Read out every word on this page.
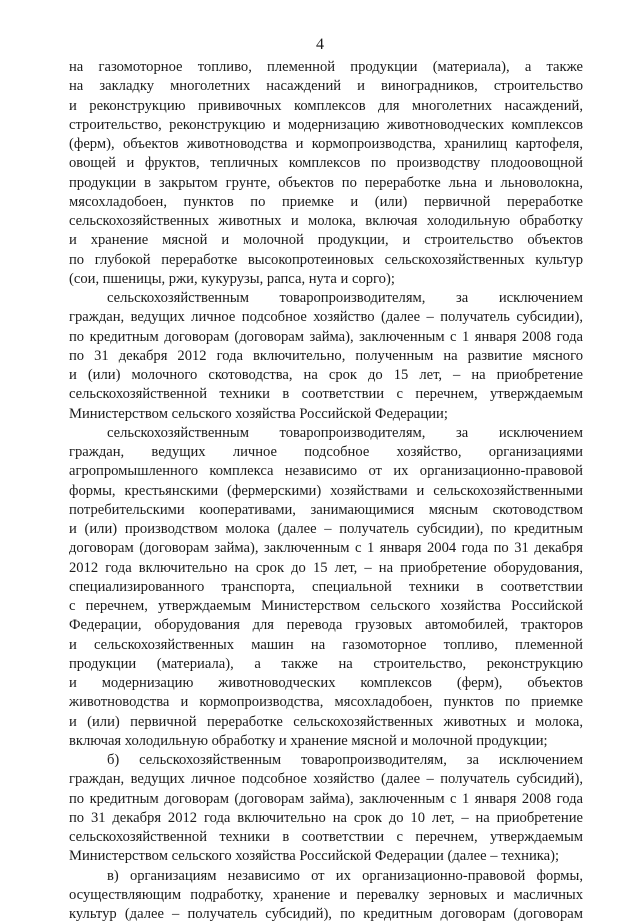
4
на газомоторное топливо, племенной продукции (материала), а также
на закладку многолетних насаждений и виноградников, строительство
и реконструкцию прививочных комплексов для многолетних насаждений,
строительство, реконструкцию и модернизацию животноводческих комплексов
(ферм), объектов животноводства и кормопроизводства, хранилищ картофеля,
овощей и фруктов, тепличных комплексов по производству плодоовощной
продукции в закрытом грунте, объектов по переработке льна и льноволокна,
мясохладобоен, пунктов по приемке и (или) первичной переработке
сельскохозяйственных животных и молока, включая холодильную обработку
и хранение мясной и молочной продукции, и строительство объектов
по глубокой переработке высокопротеиновых сельскохозяйственных культур
(сои, пшеницы, ржи, кукурузы, рапса, нута и сорго);
сельскохозяйственным товаропроизводителям, за исключением
граждан, ведущих личное подсобное хозяйство (далее – получатель субсидии),
по кредитным договорам (договорам займа), заключенным с 1 января 2008 года
по 31 декабря 2012 года включительно, полученным на развитие мясного
и (или) молочного скотоводства, на срок до 15 лет, – на приобретение
сельскохозяйственной техники в соответствии с перечнем, утверждаемым
Министерством сельского хозяйства Российской Федерации;
сельскохозяйственным товаропроизводителям, за исключением
граждан, ведущих личное подсобное хозяйство, организациями
агропромышленного комплекса независимо от их организационно-правовой
формы, крестьянскими (фермерскими) хозяйствами и сельскохозяйственными
потребительскими кооперативами, занимающимися мясным скотоводством
и (или) производством молока (далее – получатель субсидии), по кредитным
договорам (договорам займа), заключенным с 1 января 2004 года по 31 декабря
2012 года включительно на срок до 15 лет, – на приобретение оборудования,
специализированного транспорта, специальной техники в соответствии
с перечнем, утверждаемым Министерством сельского хозяйства Российской
Федерации, оборудования для перевода грузовых автомобилей, тракторов
и сельскохозяйственных машин на газомоторное топливо, племенной
продукции (материала), а также на строительство, реконструкцию
и модернизацию животноводческих комплексов (ферм), объектов
животноводства и кормопроизводства, мясохладобоен, пунктов по приемке
и (или) первичной переработке сельскохозяйственных животных и молока,
включая холодильную обработку и хранение мясной и молочной продукции;
б) сельскохозяйственным товаропроизводителям, за исключением
граждан, ведущих личное подсобное хозяйство (далее – получатель субсидий),
по кредитным договорам (договорам займа), заключенным с 1 января 2008 года
по 31 декабря 2012 года включительно на срок до 10 лет, – на приобретение
сельскохозяйственной техники в соответствии с перечнем, утверждаемым
Министерством сельского хозяйства Российской Федерации (далее – техника);
в) организациям независимо от их организационно-правовой формы,
осуществляющим подработку, хранение и перевалку зерновых и масличных
культур (далее – получатель субсидий), по кредитным договорам (договорам
